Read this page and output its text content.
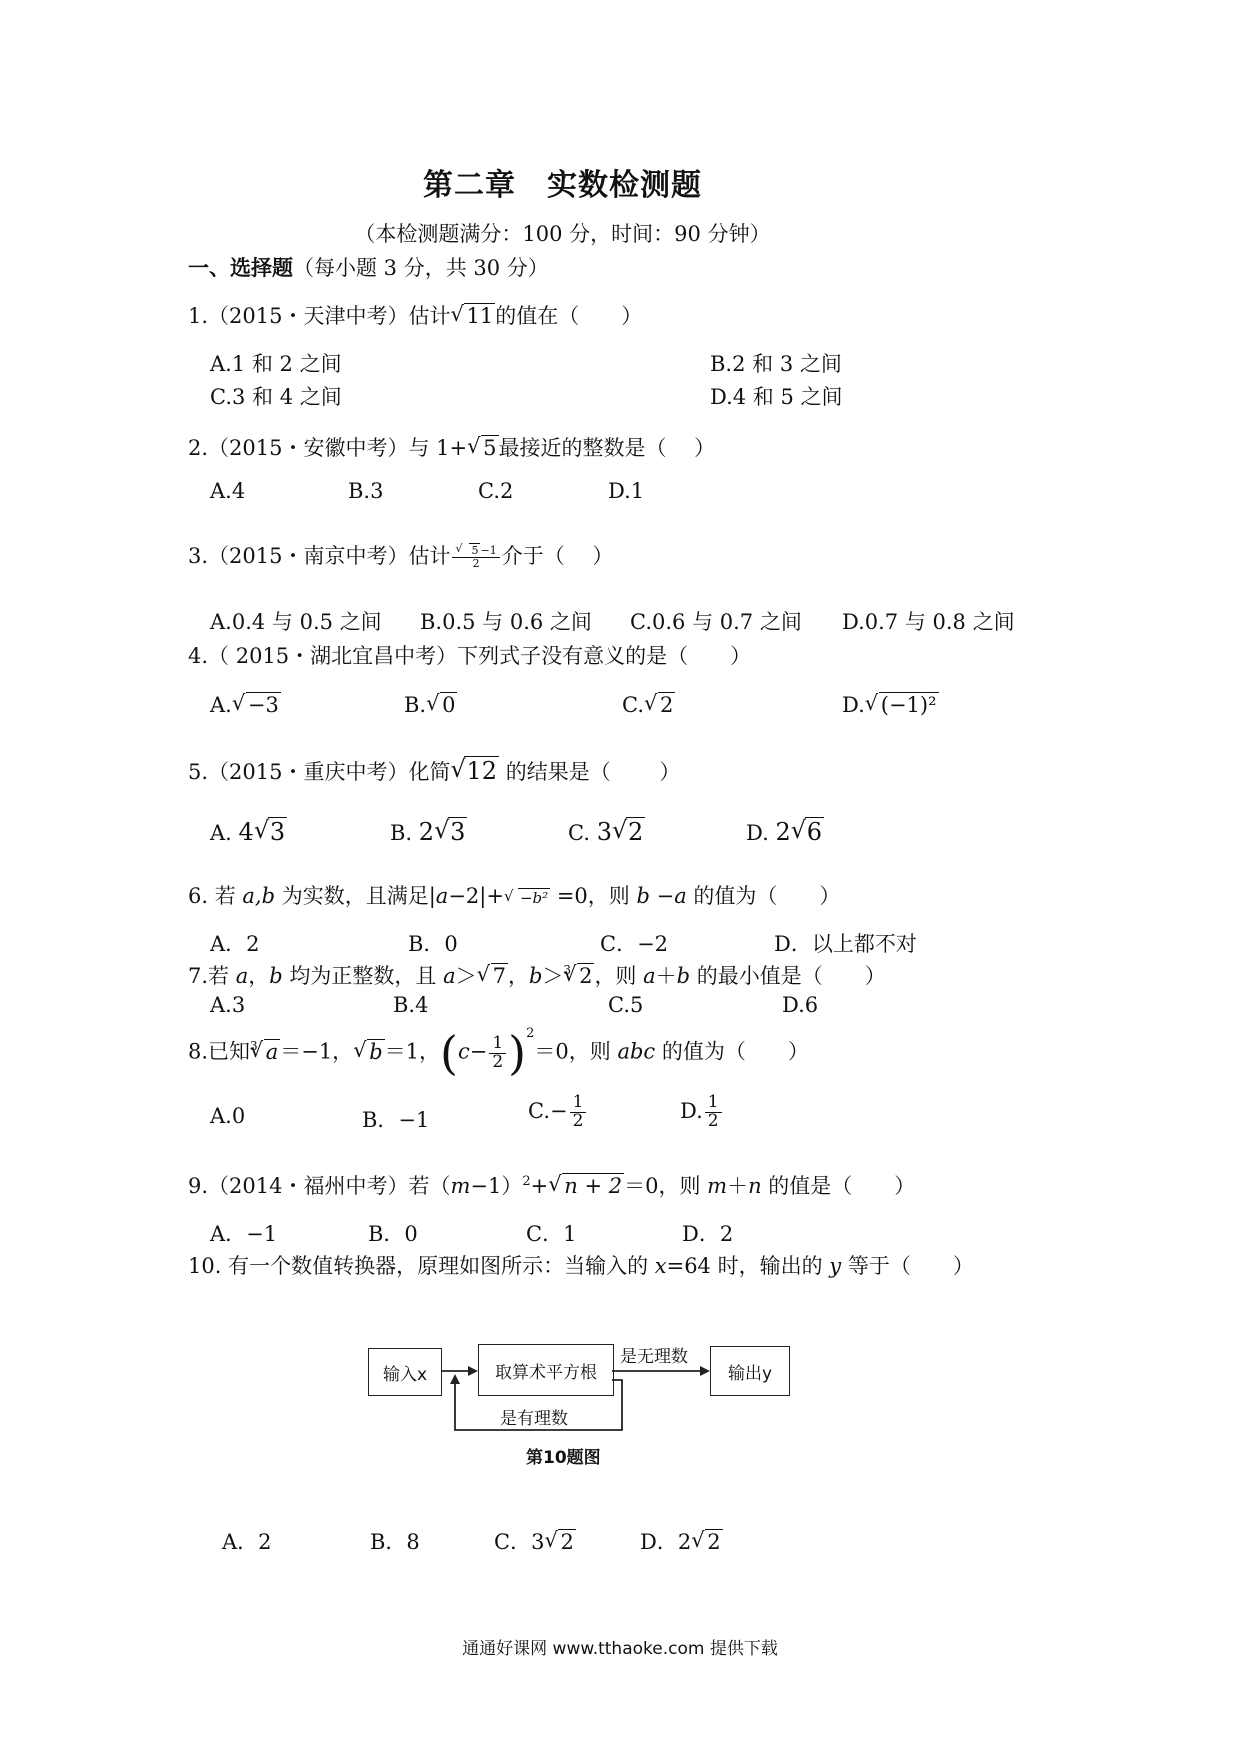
第二章　实数检测题
（本检测题满分：100 分，时间：90 分钟）
一、选择题（每小题 3 分，共 30 分）
1.（2015・天津中考）估计√ 11的值在（　　）
A.1 和 2 之间	B.2 和 3 之间
C.3 和 4 之间	D.4 和 5 之间
2.（2015・安徽中考）与 1+√ 5最接近的整数是（　 ）
A.4	B.3	C.2	D.1
3.（2015・南京中考）估计
√ $\frac{5 -1}{2}$ 介于（　 ）
A.0.4 与 0.5 之间 B.0.5 与 0.6 之间 C.0.6 与 0.7 之间 D.0.7 与 0.8 之间
4.（ 2015・湖北宜昌中考）下列式子没有意义的是（　　）
A.√ −3	B.√ 0	C.√ 2	D.√ (−1)²
5.（2015・重庆中考）化简√ 12 的结果是（　　 ）
A. 4√ 3	B. 2√ 3	C. 3√ 2	D. 2√ 6
6. 若 a,b 为实数，且满足|a−2|+√ −b² =0，则 b −a 的值为（　　）
A．2	B．0	C．−2	D．以上都不对
7.若 a，b 均为正整数，且 a＞√ 7，b＞$^3$√ 2，则 a＋b 的最小值是（　　）
A.3	B.4	C.5	D.6
8.已知$^3$√ a＝−1，√ b＝1，$(c- \frac{1}{2} )^2=0$，则 abc 的值为（　　）
A.0	B．−1	$C.- \frac{1}{2}$	D. $\frac{1}{2}$
9.（2014・福州中考）若$(m-1)^2+√$ n + 2＝0，则 m＋n 的值是（　　）
A．−1	B．0	C．1	D．2
10. 有一个数值转换器，原理如图所示：当输入的 x=64 时，输出的 y 等于（　　）
输入x	取算术平方根	输出y
是无理数
是有理数
第10题图
A．2	B．8	C．3√ 2	D．2√ 2
通通好课网 www.tthaoke.com 提供下载
